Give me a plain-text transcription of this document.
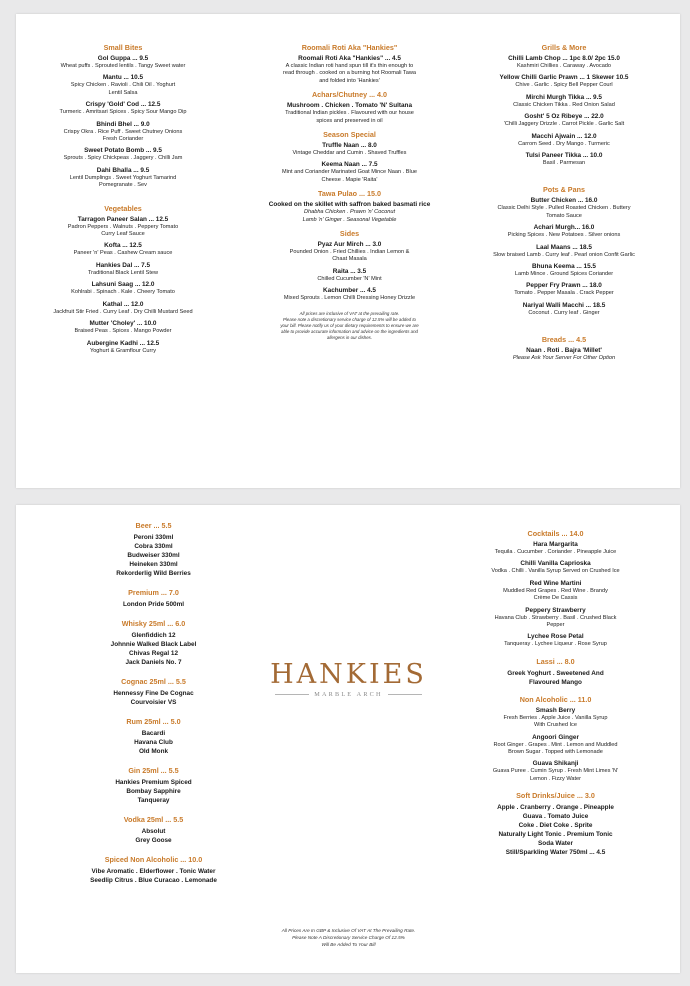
Small Bites
Gol Guppa ... 9.5
Wheat puffs . Sprouted lentils . Tangy Sweet water
Mantu ... 10.5
Spicy Chicken . Ravioli . Chili Oil . Yoghurt
Lentil Salsa
Crispy 'Gold' Cod ... 12.5
Turmeric . Amritsari Spices . Spicy Sour Mango Dip
Bhindi Bhel ... 9.0
Crispy Okra . Rice Puff . Sweet Chutney Onions
Fresh Coriander
Sweet Potato Bomb ... 9.5
Sprouts . Spicy Chickpeas . Jaggery . Chilli Jam
Dahi Bhalla ... 9.5
Lentil Dumplings . Sweet Yoghurt Tamarind
Pomegranate . Sev
Vegetables
Tarragon Paneer Salan ... 12.5
Padron Peppers . Walnuts . Peppery Tomato
Curry Leaf Sauce
Kofta ... 12.5
Paneer 'n' Peas . Cashew Cream sauce
Hankies Dal ... 7.5
Traditional Black Lentil Stew
Lahsuni Saag ... 12.0
Kohlrabi . Spinach . Kale . Cheery Tomato
Kathal ... 12.0
Jackfruit Stir Fried . Curry Leaf . Dry Chilli Mustard Seed
Mutter 'Choley' ... 10.0
Braised Peas . Spices . Mango Powder
Aubergine Kadhi ... 12.5
Yoghurt & Gramflour Curry
Roomali Roti Aka "Hankies"
Roomali Roti Aka "Hankies" ... 4.5
A classic Indian roti hand spun till it's thin enough to
read through . cooked on a burning hot Roomali Tawa
and folded into 'Hankies'
Achars/Chutney ... 4.0
Mushroom . Chicken . Tomato 'N' Sultana
Traditional Indian pickles . Flavoured with our house
spices and preserved in oil
Season Special
Truffle Naan ... 8.0
Vintage Cheddar and Cumin . Shaved Truffles
Keema Naan ... 7.5
Mint and Coriander Marinated Goat Mince Naan . Blue
Cheese . Mapie 'Raita'
Tawa Pulao ... 15.0
Cooked on the skillet with saffron baked basmati rice
Dhabha Chicken . Prawn 'n' Coconut
Lamb 'n' Ginger . Seasonal Vegetable
Sides
Pyaz Aur Mirch ... 3.0
Pounded Onion . Fried Chillies . Indian Lemon &
Chaat Masala
Raita ... 3.5
Chilled Cucumber 'N' Mint
Kachumber ... 4.5
Mixed Sprouts . Lemon Chilli Dressing Honey Drizzle
All prices are inclusive of VAT at the prevailing rate.
Please note a discretionary service charge of 12.5% will be added to
your bill. Please notify us of your dietary requirements to ensure we are
able to provide accurate information and advice on the ingredients and
allergens in our dishes.
Grills & More
Chilli Lamb Chop ... 1pc 8.0/ 2pc 15.0
Kashmiri Chillies . Caraway . Avocado
Yellow Chilli Garlic Prawn ... 1 Skewer 10.5
Chive . Garlic . Spicy Bell Pepper Courl
Mirchi Murgh Tikka ... 9.5
Classic Chicken Tikka . Red Onion Salad
Gosht' 5 Oz Ribeye ... 22.0
'Chilli Jaggery Drizzle . Carrot Pickle . Garlic Salt
Macchi Ajwain ... 12.0
Carrom Seed . Dry Mango . Turmeric
Tulsi Paneer Tikka ... 10.0
Basil . Parmesan
Pots & Pans
Butter Chicken ... 16.0
Classic Delhi Style . Pulled Roasted Chicken . Buttery
Tomato Sauce
Achari Murgh... 16.0
Picking Spices . New Potatoes . Silver onions
Laal Maans ... 18.5
Slow braised Lamb . Curry leaf . Pearl onion Confit Garlic
Bhuna Keema ... 15.5
Lamb Mince . Ground Spices Coriander
Pepper Fry Prawn ... 18.0
Tomato . Pepper Masala . Crack Pepper
Nariyal Walli Macchi ... 18.5
Coconut . Curry leaf . Ginger
Breads ... 4.5
Naan . Roti . Bajra 'Millet'
Please Ask Your Server For Other Option
Beer ... 5.5
Peroni 330ml
Cobra 330ml
Budweiser 330ml
Heineken 330ml
Rekorderlig Wild Berries
Premium ... 7.0
London Pride 500ml
Whisky 25ml ... 6.0
Glenfiddich 12
Johnnie Walked Black Label
Chivas Regal 12
Jack Daniels No. 7
Cognac 25ml ... 5.5
Hennessy Fine De Cognac
Courvoisier VS
Rum 25ml ... 5.0
Bacardi
Havana Club
Old Monk
Gin 25ml ... 5.5
Hankies Premium Spiced
Bombay Sapphire
Tanqueray
Vodka 25ml ... 5.5
Absolut
Grey Goose
Spiced Non Alcoholic ... 10.0
Vibe Aromatic . Elderflower . Tonic Water
Seedlip Citrus . Blue Curacao . Lemonade
HANKIES
MARBLE ARCH
All Prices Are In GBP & Inclusive Of VAT At The Prevailing Rate.
Please Note A Discretionary Service Charge Of 12.5%
Will Be Added To Your Bill
Cocktails ... 14.0
Hara Margarita
Tequila . Cucumber . Coriander . Pineapple Juice
Chilli Vanilla Caprioska
Vodka . Chilli . Vanilla Syrup Served on Crushed Ice
Red Wine Martini
Muddled Red Grapes . Red Wine . Brandy
Crème De Cassis
Peppery Strawberry
Havana Club . Strawberry . Basil . Crushed Black
Pepper
Lychee Rose Petal
Tanqueray . Lychee Liqueur . Rose Syrup
Lassi ... 8.0
Greek Yoghurt . Sweetened And
Flavoured Mango
Non Alcoholic ... 11.0
Smash Berry
Fresh Berries . Apple Juice . Vanilla Syrup
With Crushed Ice
Angoori Ginger
Root Ginger . Grapes . Mint . Lemon and Muddled
Brown Sugar . Topped with Lemonade
Guava Shikanji
Guava Puree . Cumin Syrup . Fresh Mint Limes 'N'
Lemon . Fizzy Water
Soft Drinks/Juice ... 3.0
Apple . Cranberry . Orange . Pineapple
Guava . Tomato Juice
Coke . Diet Coke . Sprite
Naturally Light Tonic . Premium Tonic
Soda Water
Still/Sparkling Water 750ml ... 4.5
